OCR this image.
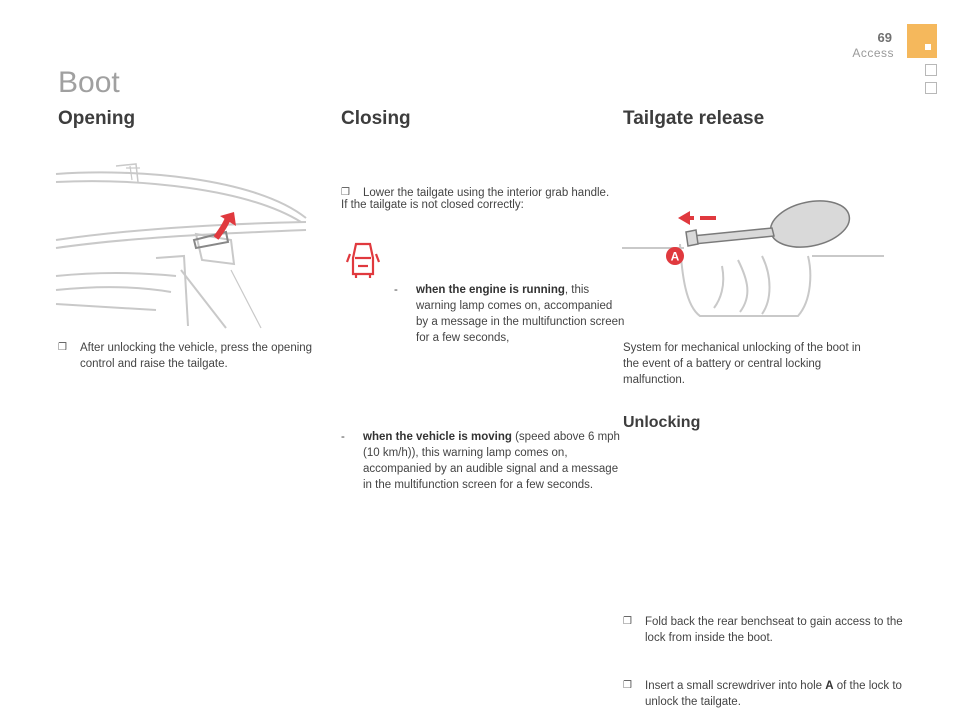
69
Access
Boot
Opening
❒ After unlocking the vehicle, press the opening control and raise the tailgate.
Closing
❒ Lower the tailgate using the interior grab handle.
If the tailgate is not closed correctly:
- when the engine is running, this warning lamp comes on, accompanied by a message in the multifunction screen for a few seconds,
- when the vehicle is moving (speed above 6 mph (10 km/h)), this warning lamp comes on, accompanied by an audible signal and a message in the multifunction screen for a few seconds.
Tailgate release
A
System for mechanical unlocking of the boot in the event of a battery or central locking malfunction.
Unlocking
❒ Fold back the rear benchseat to gain access to the lock from inside the boot.
❒ Insert a small screwdriver into hole A of the lock to unlock the tailgate.
